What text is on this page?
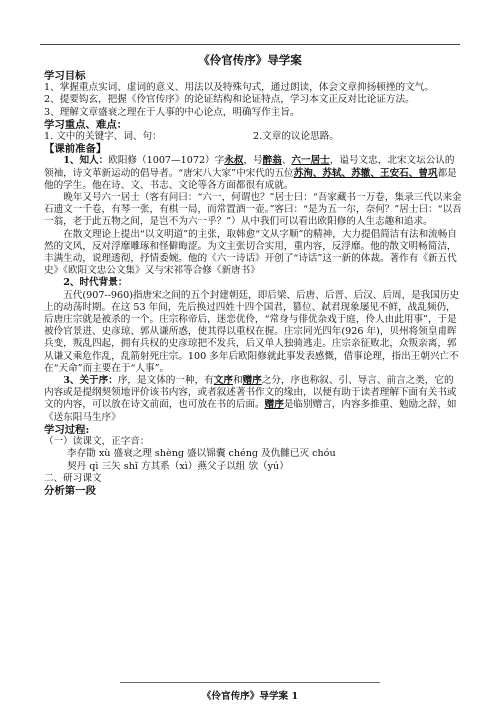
《伶官传序》导学案

学习目标

1、掌握重点实词、虚词的意义、用法以及特殊句式，通过朗读，体会文章抑扬顿挫的文气。

2、提要钩玄，把握《伶官传序》的论证结构和论证特点，学习本文正反对比论证方法。

3、理解文章盛衰之理在于人事的中心论点，明确写作主旨。

学习重点、难点：

1. 文中的关键字、词、句：	2.文章的议论思路。

【课前准备】

1、知人：欧阳修（1007—1072）字永叔，号醉翁、六一居士，谥号文忠，北宋文坛公认的领袖，诗文革新运动的倡导者。“唐宋八大家”中宋代的五位苏洵、苏轼、苏辙、王安石、曾巩都是他的学生。他在诗、文、书志、文论等各方面都很有成就。

晚年又号六一居士（客有问曰：“六一，何谓也？”居士曰：“吾家藏书一万卷，集录三代以来金石遗文一千卷，有琴一张，有棋一局，而常置酒一壶。”客曰：“是为五一尔，奈何？”居士曰：“以吾一翁，老于此五物之间，是岂不为六一乎？”）从中我们可以看出欧阳修的人生志趣和追求。

在散文理论上提出“以文明道”的主张，取韩愈“文从字顺”的精神，大力提倡简洁有法和流畅自然的文风，反对浮靡雕琢和怪僻晦涩。为文主张切合实用，重内容，反浮靡。他的散文明畅简洁，丰满生动，说理透彻，抒情委婉。他的《六一诗话》开创了“诗话”这一新的体裁。著作有《新五代史》《欧阳文忠公文集》又与宋祁等合修《新唐书》

2、时代背景：

五代(907--960)指唐宋之间的五个封建朝廷，即后梁、后唐、后晋、后汉、后周，是我国历史上的动荡时期。在这 53 年间，先后换过四姓十四个国君，篡位、弑君现象屡见不鲜，战乱频仍，后唐庄宗就是被杀的一个。庄宗称帝后，迷恋优伶，“常身与俳优杂戏于庭，伶人由此用事”，于是被伶官景进、史彦琼、郭从谦所惑，使其得以重权在握。庄宗同光四年(926 年)，贝州将领皇甫晖兵变，叛乱四起，拥有兵权的史彦琼把不发兵，后又单人独骑逃走。庄宗亲征败北，众叛亲离，郭从谦又乘危作乱，乱箭射死庄宗。100 多年后欧阳修就此事发表感慨，借事论理，指出王朝兴亡不在“天命”而主要在于“人事”。

3、关于序：序，是文体的一种，有文序和赠序之分，序也称叙、引、导言、前言之类，它的内容或是提纲契领地评价该书内容，或者叙述著书作文的缘由，以便有助于读者理解下面有关书或文的内容，可以放在诗文前面，也可放在书的后面。赠序是临别赠言，内容多推重、勉励之辞，如《送东阳马生序》

学习过程:

（一）读课文，正字音：

李存勖 xù 盛衰之理 shèng 盛以锦囊 chéng 及仇雠已灭 chóu

契丹 qì 三矢 shǐ 方其系（xì）燕父子以组 欤（yú）

二、研习课文

分析第一段

《伶官传序》导学案 1
